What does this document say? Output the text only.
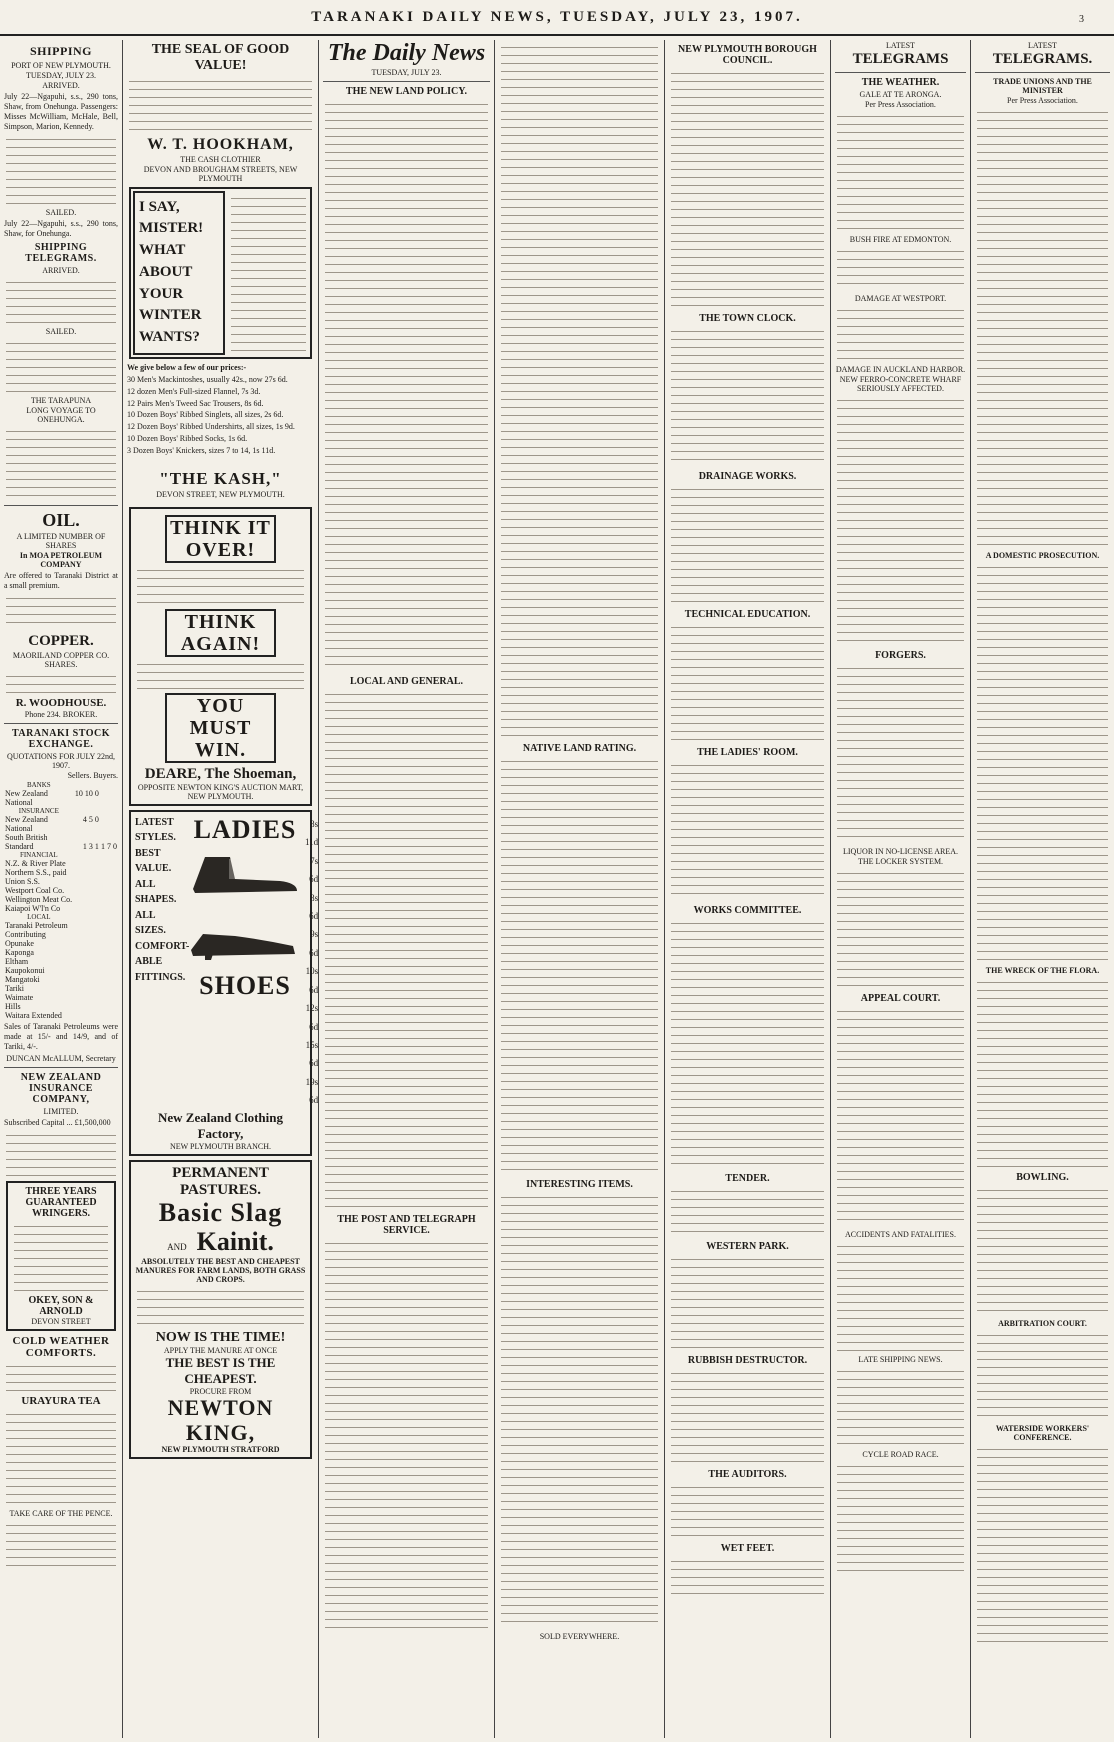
TARANAKI DAILY NEWS, TUESDAY, JULY 23, 1907.	3
SHIPPING
PORT OF NEW PLYMOUTH.
TUESDAY, JULY 23.
ARRIVED.
July 22—Ngapuhi, s.s., 290 tons, Shaw, from Onehunga. Passengers: Misses McWilliam, McHale, Bell, Simpson, Marion, Kennedy.
SAILED.
July 22—Ngapuhi, s.s., 290 tons, Shaw, for Onehunga.
SHIPPING TELEGRAMS.
ARRIVED.
SAILED.
THE TARAPUNA
LONG VOYAGE TO ONEHUNGA.
OIL.
A LIMITED NUMBER OF SHARES
In MOA PETROLEUM COMPANY
Are offered to Taranaki District at a small premium.
COPPER.
MAORILAND COPPER CO. SHARES.
R. WOODHOUSE.
Phone 234. BROKER.
TARANAKI STOCK EXCHANGE.
QUOTATIONS FOR JULY 22nd, 1907.
Sellers. Buyers.
BANKS		
New Zealand	10 10 0	
National		
INSURANCE		
New Zealand	4 5 0	
National		
South British		
Standard	1 3 1	1 7 0
FINANCIAL		
N.Z. & River Plate		
Northern S.S., paid		
Union S.S.		
Westport Coal Co.		
Wellington Meat Co.		
Kaiapoi W'l'n Co		
LOCAL		
Taranaki Petroleum		
Contributing		
Opunake		
Kaponga		
Eltham		
Kaupokonui		
Mangatoki		
Tariki		
Waimate		
Hills		
Waitara Extended		
Sales of Taranaki Petroleums were made at 15/- and 14/9, and of Tariki, 4/-.
DUNCAN McALLUM, Secretary
NEW ZEALAND INSURANCE COMPANY,
LIMITED.
Subscribed Capital ... £1,500,000
THREE YEARS GUARANTEED WRINGERS.
OKEY, SON & ARNOLD
DEVON STREET
COLD WEATHER COMFORTS.
URAYURA TEA
TAKE CARE OF THE PENCE.
THE SEAL OF GOOD VALUE!
W. T. HOOKHAM,
THE CASH CLOTHIER
DEVON AND BROUGHAM STREETS, NEW PLYMOUTH
I SAY, MISTER! WHAT ABOUT YOUR WINTER WANTS?
We give below a few of our prices:-
30 Men's Mackintoshes, usually 42s., now 27s 6d.
12 dozen Men's Full-sized Flannel, 7s 3d.
12 Pairs Men's Tweed Sac Trousers, 8s 6d.
10 Dozen Boys' Ribbed Singlets, all sizes, 2s 6d.
12 Dozen Boys' Ribbed Undershirts, all sizes, 1s 9d.
10 Dozen Boys' Ribbed Socks, 1s 6d.
3 Dozen Boys' Knickers, sizes 7 to 14, 1s 11d.
"THE KASH,"
DEVON STREET, NEW PLYMOUTH.
THINK IT OVER!
THINK AGAIN!
YOU MUST WIN.
DEARE, The Shoeman,
OPPOSITE NEWTON KING'S AUCTION MART, NEW PLYMOUTH.
LATEST
STYLES.
BEST
VALUE.
ALL
SHAPES.
ALL
SIZES.
COMFORT-
ABLE
FITTINGS.
LADIES

SHOES
8s 11d
7s 6d
8s 6d
9s 6d
10s 6d
12s 6d
15s 6d
19s 6d
New Zealand Clothing Factory,
NEW PLYMOUTH BRANCH.
PERMANENT PASTURES.
Basic Slag
AND Kainit.
ABSOLUTELY THE BEST AND CHEAPEST MANURES FOR FARM LANDS, BOTH GRASS AND CROPS.
NOW IS THE TIME!
APPLY THE MANURE AT ONCE
THE BEST IS THE CHEAPEST.
PROCURE FROM
NEWTON KING,
NEW PLYMOUTH STRATFORD
The Daily News
TUESDAY, JULY 23.
THE NEW LAND POLICY.
LOCAL AND GENERAL.
THE POST AND TELEGRAPH SERVICE.
NATIVE LAND RATING.
INTERESTING ITEMS.
SOLD EVERYWHERE.
NEW PLYMOUTH BOROUGH COUNCIL.
THE TOWN CLOCK.
DRAINAGE WORKS.
TECHNICAL EDUCATION.
THE LADIES' ROOM.
WORKS COMMITTEE.
TENDER.
WESTERN PARK.
RUBBISH DESTRUCTOR.
THE AUDITORS.
WET FEET.
LATEST
TELEGRAMS
THE WEATHER.
GALE AT TE ARONGA.
Per Press Association.
BUSH FIRE AT EDMONTON.
DAMAGE AT WESTPORT.
DAMAGE IN AUCKLAND HARBOR.
NEW FERRO-CONCRETE WHARF SERIOUSLY AFFECTED.
FORGERS.
LIQUOR IN NO-LICENSE AREA.
THE LOCKER SYSTEM.
APPEAL COURT.
ACCIDENTS AND FATALITIES.
LATE SHIPPING NEWS.
CYCLE ROAD RACE.
LATEST
TELEGRAMS.
TRADE UNIONS AND THE MINISTER
Per Press Association.
A DOMESTIC PROSECUTION.
THE WRECK OF THE FLORA.
BOWLING.
ARBITRATION COURT.
WATERSIDE WORKERS' CONFERENCE.
